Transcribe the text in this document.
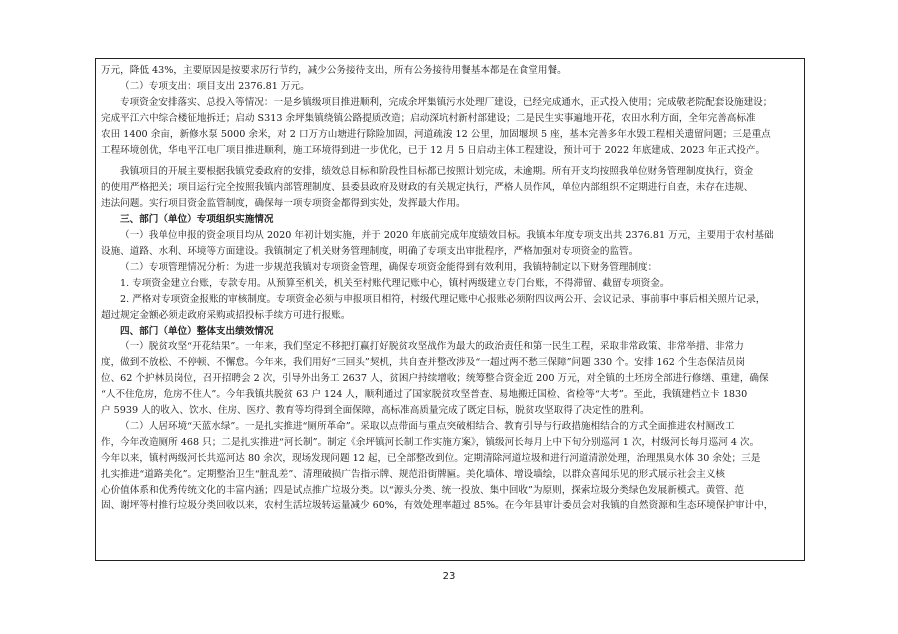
万元，降低 43%，主要原因是按要求厉行节约，减少公务接待支出，所有公务接待用餐基本都是在食堂用餐。
（二）专项支出：项目支出 2376.81 万元。
专项资金安排落实、总投入等情况：一是乡镇级项目推进顺利，完成余坪集镇污水处理厂建设，已经完成通水，正式投入使用；完成敬老院配套设施建设；
完成平江六中综合楼征地拆迁；启动 S313 余坪集镇绕镇公路提质改造；启动深坑村新村部建设；二是民生实事遍地开花，农田水利方面，全年完善高标准
农田 1400 余亩，新修水泵 5000 余米，对 2 口万方山塘进行除险加固，河道疏浚 12 公里，加固堰坝 5 座，基本完善多年水毁工程相关遗留问题；三是重点
工程环境创优，华电平江电厂项目推进顺利，施工环境得到进一步优化，已于 12 月 5 日启动主体工程建设，预计可于 2022 年底建成、2023 年正式投产。
我镇项目的开展主要根据我镇党委政府的安排，绩效总目标和阶段性目标都已按照计划完成，未逾期。所有开支均按照我单位财务管理制度执行，资金
的使用严格把关；项目运行完全按照我镇内部管理制度、县委县政府及财政的有关规定执行，严格人员作风，单位内部组织不定期进行自查，未存在违规、
违法问题。实行项目资金监管制度，确保每一项专项资金都得到实处，发挥最大作用。
三、部门（单位）专项组织实施情况
（一）我单位申报的资金项目均从 2020 年初计划实施，并于 2020 年底前完成年度绩效目标。我镇本年度专项支出共 2376.81 万元，主要用于农村基础
设施、道路、水利、环境等方面建设。我镇制定了机关财务管理制度，明确了专项支出审批程序，严格加强对专项资金的监管。
（二）专项管理情况分析：为进一步规范我镇对专项资金管理，确保专项资金能得到有效利用，我镇特制定以下财务管理制度：
1. 专项资金建立台账，专款专用。从预算至机关，机关至村账代理记账中心，镇村两级建立专门台账，不得滞留、截留专项资金。
2. 严格对专项资金报账的审核制度。专项资金必须与申报项目相符，村级代理记账中心报账必须附四议两公开、会议记录、事前事中事后相关照片记录，
超过规定金额必须走政府采购或招投标手续方可进行报账。
四、部门（单位）整体支出绩效情况
（一）脱贫攻坚“开花结果”。一年来，我们坚定不移把打赢打好脱贫攻坚战作为最大的政治责任和第一民生工程，采取非常政策、非常举措、非常力
度，做到不放松、不停顿、不懈怠。今年来，我们用好“三回头”契机，共自查并整改涉及“一超过两不愁三保障”问题 330 个。安排 162 个生态保洁员岗
位、62 个护林员岗位，召开招聘会 2 次，引导外出务工 2637 人，贫困户持续增收；统筹整合资金近 200 万元，对全镇的土坯房全部进行修缮、重建，确保
“人不住危房，危房不住人”。今年我镇共脱贫 63 户 124 人，顺利通过了国家脱贫攻坚普查、易地搬迁国检、省检等“大考”。至此，我镇建档立卡 1830
户 5939 人的收入、饮水、住房、医疗、教育等均得到全面保障，高标准高质量完成了既定目标，脱贫攻坚取得了决定性的胜利。
（二）人居环境“天蓝水绿”。一是扎实推进“厕所革命”。采取以点带面与重点突破相结合、教育引导与行政措施相结合的方式全面推进农村厕改工
作，今年改造厕所 468 只；二是扎实推进“河长制”。制定《余坪镇河长制工作实施方案》，镇级河长每月上中下旬分别巡河 1 次，村级河长每月巡河 4 次。
今年以来，镇村两级河长共巡河达 80 余次，现场发现问题 12 起，已全部整改到位。定期清除河道垃圾和进行河道清淤处理，治理黑臭水体 30 余处；三是
扎实推进“道路美化”。定期整治卫生“脏乱差”、清理破损广告指示牌、规范沿街牌匾。美化墙体、增设墙绘，以群众喜闻乐见的形式展示社会主义核
心价值体系和优秀传统文化的丰富内涵；四是试点推广垃圾分类。以“源头分类、统一投放、集中回收”为原则，探索垃圾分类绿色发展新模式。黄管、范
固、谢坪等村推行垃圾分类回收以来，农村生活垃圾转运量减少 60%，有效处理率超过 85%。在今年县审计委员会对我镇的自然资源和生态环境保护审计中，
23
